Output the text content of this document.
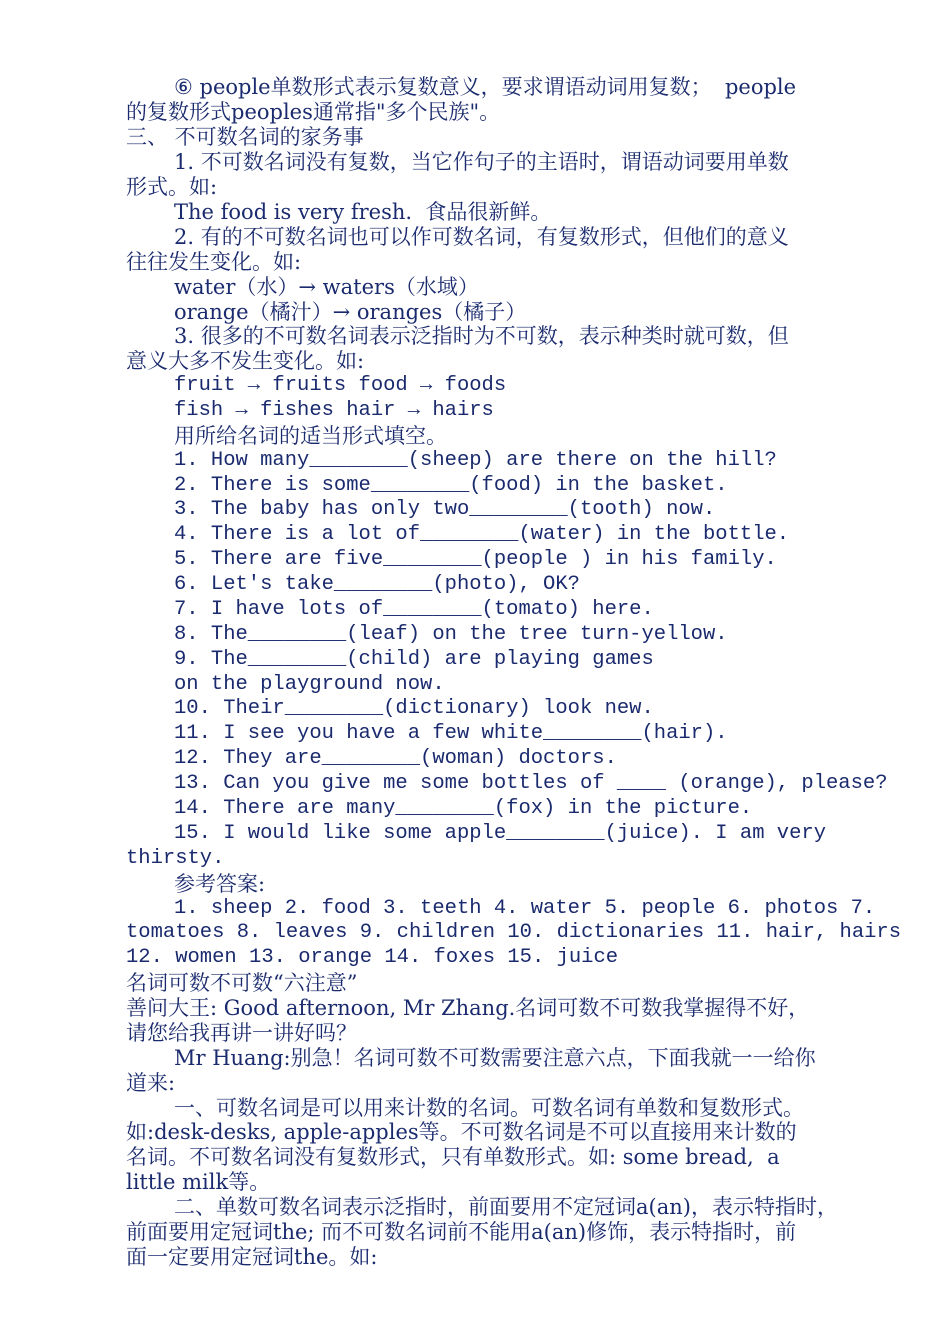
⑥ people单数形式表示复数意义，要求谓语动词用复数；  people
的复数形式peoples通常指"多个民族"。
三、 不可数名词的家务事
1. 不可数名词没有复数，当它作句子的主语时，谓语动词要用单数
形式。如:
The food is very fresh.  食品很新鲜。
2. 有的不可数名词也可以作可数名词，有复数形式，但他们的意义
往往发生变化。如:
water（水）→ waters（水域）
orange（橘汁）→ oranges（橘子）
3. 很多的不可数名词表示泛指时为不可数，表示种类时就可数，但
意义大多不发生变化。如:
fruit → fruits food → foods
fish → fishes hair → hairs
用所给名词的适当形式填空。
1. How many________(sheep) are there on the hill?
2. There is some________(food) in the basket.
3. The baby has only two________(tooth) now.
4. There is a lot of________(water) in the bottle.
5. There are five________(people ) in his family.
6. Let's take________(photo), OK?
7. I have lots of________(tomato) here.
8. The________(leaf) on the tree turn-yellow.
9. The________(child) are playing games
on the playground now.
10. Their________(dictionary) look new.
11. I see you have a few white________(hair).
12. They are________(woman) doctors.
13. Can you give me some bottles of ____ (orange), please?
14. There are many________(fox) in the picture.
15. I would like some apple________(juice). I am very
thirsty.
参考答案:
1. sheep 2. food 3. teeth 4. water 5. people 6. photos 7.
tomatoes 8. leaves 9. children 10. dictionaries 11. hair, hairs
12. women 13. orange 14. foxes 15. juice
名词可数不可数“六注意”
善问大王: Good afternoon, Mr Zhang.名词可数不可数我掌握得不好，
请您给我再讲一讲好吗？
Mr Huang:别急！名词可数不可数需要注意六点，下面我就一一给你
道来:
一、可数名词是可以用来计数的名词。可数名词有单数和复数形式。
如:desk-desks, apple-apples等。不可数名词是不可以直接用来计数的
名词。不可数名词没有复数形式，只有单数形式。如: some bread,  a
little milk等。
二、单数可数名词表示泛指时，前面要用不定冠词a(an)，表示特指时，
前面要用定冠词the; 而不可数名词前不能用a(an)修饰，表示特指时，前
面一定要用定冠词the。如:
